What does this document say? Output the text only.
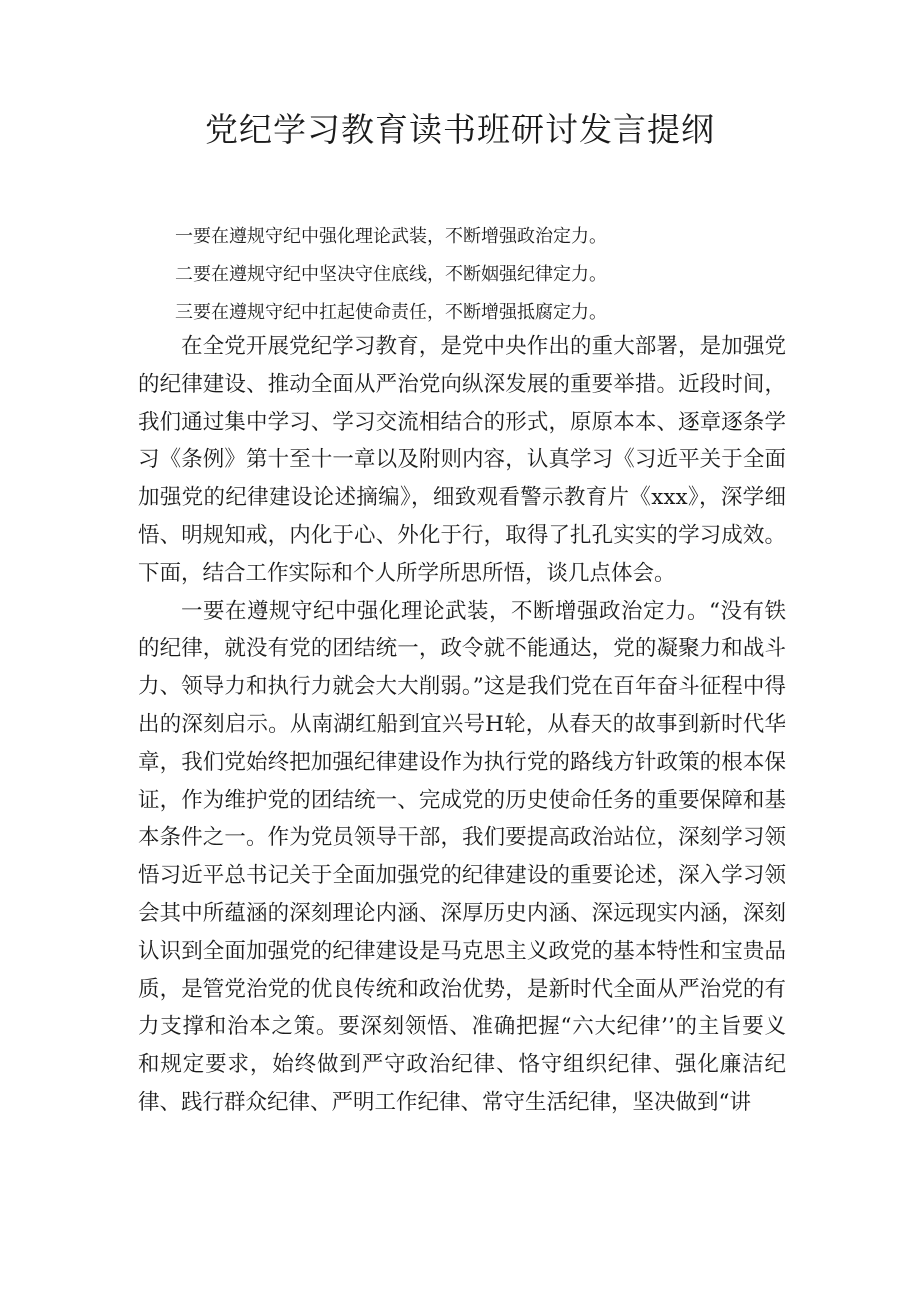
党纪学习教育读书班研讨发言提纲
一要在遵规守纪中强化理论武装，不断增强政治定力。
二要在遵规守纪中坚决守住底线，不断姻强纪律定力。
三要在遵规守纪中扛起使命责任，不断增强抵腐定力。

在全党开展党纪学习教育，是党中央作出的重大部署，是加强党的纪律建设、推动全面从严治党向纵深发展的重要举措。近段时间，我们通过集中学习、学习交流相结合的形式，原原本本、逐章逐条学习《条例》第十至十一章以及附则内容，认真学习《习近平关于全面加强党的纪律建设论述摘编》，细致观看警示教育片《xxx》，深学细悟、明规知戒，内化于心、外化于行，取得了扎孔实实的学习成效。下面，结合工作实际和个人所学所思所悟，谈几点体会。

一要在遵规守纪中强化理论武装，不断增强政治定力。“没有铁的纪律，就没有党的团结统一，政令就不能通达，党的凝聚力和战斗力、领导力和执行力就会大大削弱。”这是我们党在百年奋斗征程中得出的深刻启示。从南湖红船到宜兴号H轮，从春天的故事到新时代华章，我们党始终把加强纪律建设作为执行党的路线方针政策的根本保证，作为维护党的团结统一、完成党的历史使命任务的重要保障和基本条件之一。作为党员领导干部，我们要提高政治站位，深刻学习领悟习近平总书记关于全面加强党的纪律建设的重要论述，深入学习领会其中所蕴涵的深刻理论内涵、深厚历史内涵、深远现实内涵，深刻认识到全面加强党的纪律建设是马克思主义政党的基本特性和宝贵品质，是管党治党的优良传统和政治优势，是新时代全面从严治党的有力支撑和治本之策。要深刻领悟、准确把握“六大纪律’’的主旨要义和规定要求，始终做到严守政治纪律、恪守组织纪律、强化廉洁纪律、践行群众纪律、严明工作纪律、常守生活纪律，坚决做到“讲
